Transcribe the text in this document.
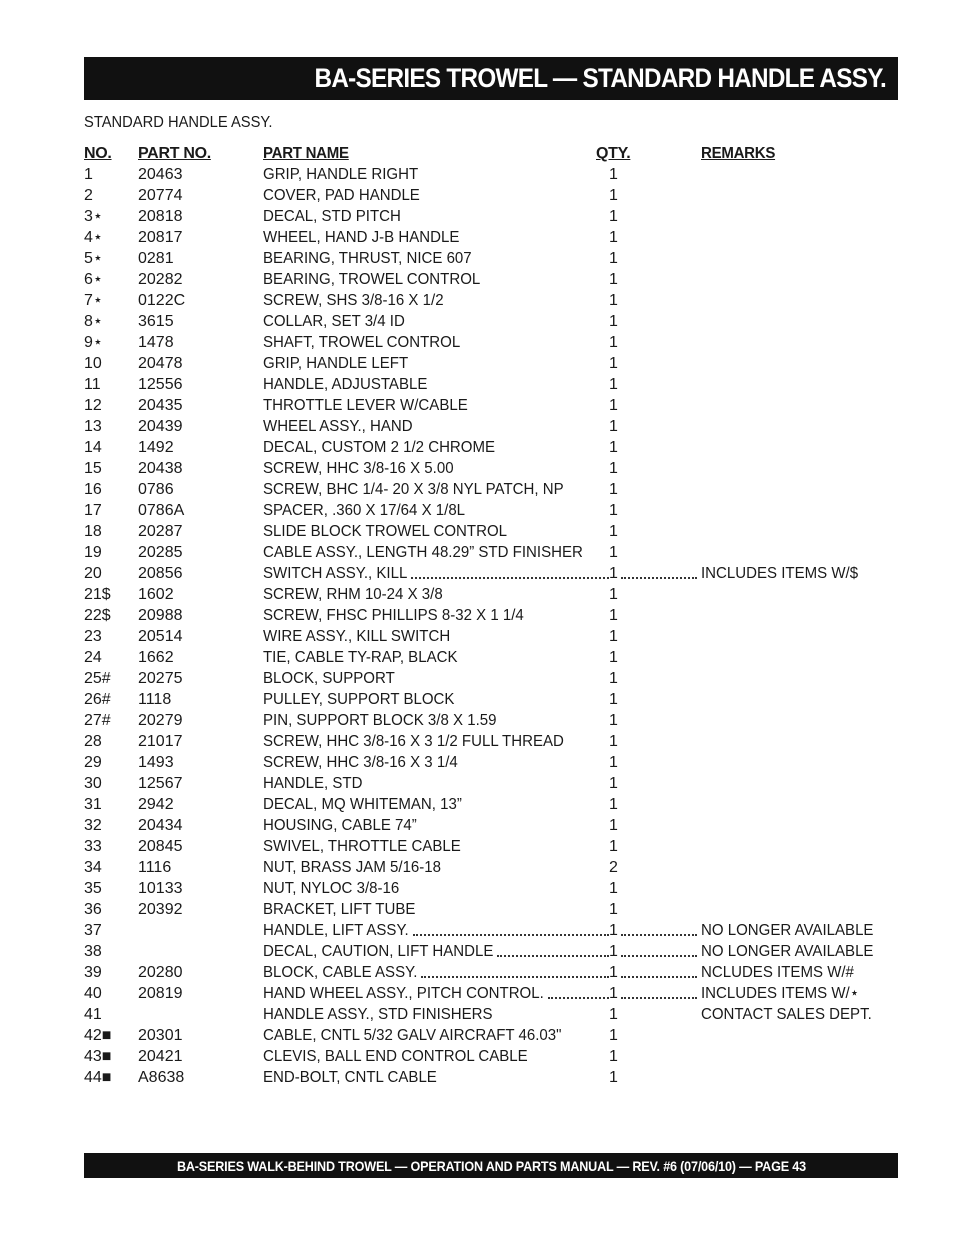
BA-SERIES TROWEL — STANDARD HANDLE ASSY.
STANDARD HANDLE ASSY.
NO. PART NO.	PART NAME	QTY.	REMARKS
1	20463	GRIP, HANDLE RIGHT	1
2	20774	COVER, PAD HANDLE	1
3⋆ 20818	DECAL, STD PITCH	1
4⋆ 20817	WHEEL, HAND J-B HANDLE	1
5⋆ 0281	BEARING, THRUST, NICE 607	1
6⋆ 20282	BEARING, TROWEL CONTROL	1
7⋆ 0122C	SCREW, SHS 3/8-16 X 1/2	1
8⋆ 3615	COLLAR, SET 3/4 ID	1
9⋆ 1478	SHAFT, TROWEL CONTROL	1
10 20478	GRIP, HANDLE LEFT	1
11 12556	HANDLE, ADJUSTABLE	1
12 20435	THROTTLE LEVER W/CABLE	1
13 20439	WHEEL ASSY., HAND	1
14 1492	DECAL, CUSTOM 2 1/2 CHROME	1
15 20438	SCREW, HHC 3/8-16 X 5.00	1
16 0786	SCREW, BHC 1/4- 20 X 3/8 NYL PATCH, NP	1
17 0786A	SPACER, .360 X 17/64 X 1/8L	1
18 20287	SLIDE BLOCK TROWEL CONTROL	1
19 20285	CABLE ASSY., LENGTH 48.29” STD FINISHER 1
20 20856	SWITCH ASSY., KILL	1	INCLUDES ITEMS W/$
21$ 1602	SCREW, RHM 10-24 X 3/8	1
22$ 20988	SCREW, FHSC PHILLIPS 8-32 X 1 1/4	1
23 20514	WIRE ASSY., KILL SWITCH	1
24 1662	TIE, CABLE TY-RAP, BLACK	1
25# 20275	BLOCK, SUPPORT	1
26# 1118	PULLEY, SUPPORT BLOCK	1
27# 20279	PIN, SUPPORT BLOCK 3/8 X 1.59	1
28 21017	SCREW, HHC 3/8-16 X 3 1/2 FULL THREAD	1
29 1493	SCREW, HHC 3/8-16 X 3 1/4	1
30 12567	HANDLE, STD	1
31 2942	DECAL, MQ WHITEMAN, 13”	1
32 20434	HOUSING, CABLE 74”	1
33 20845	SWIVEL, THROTTLE CABLE	1
34 1116	NUT, BRASS JAM 5/16-18	2
35 10133	NUT, NYLOC 3/8-16	1
36 20392	BRACKET, LIFT TUBE	1
37	HANDLE, LIFT ASSY.	1	NO LONGER AVAILABLE
38	DECAL, CAUTION, LIFT HANDLE	1	NO LONGER AVAILABLE
39 20280	BLOCK, CABLE ASSY.	1	NCLUDES ITEMS W/#
40 20819	HAND WHEEL ASSY., PITCH CONTROL.	1	INCLUDES ITEMS W/⋆
41	HANDLE ASSY., STD FINISHERS	1	CONTACT SALES DEPT.
42■ 20301	CABLE, CNTL 5/32 GALV AIRCRAFT 46.03"	1
43■ 20421	CLEVIS, BALL END CONTROL CABLE	1
44■ A8638	END-BOLT, CNTL CABLE	1
BA-SERIES WALK-BEHIND TROWEL — OPERATION AND PARTS MANUAL — REV. #6 (07/06/10) — PAGE 43
